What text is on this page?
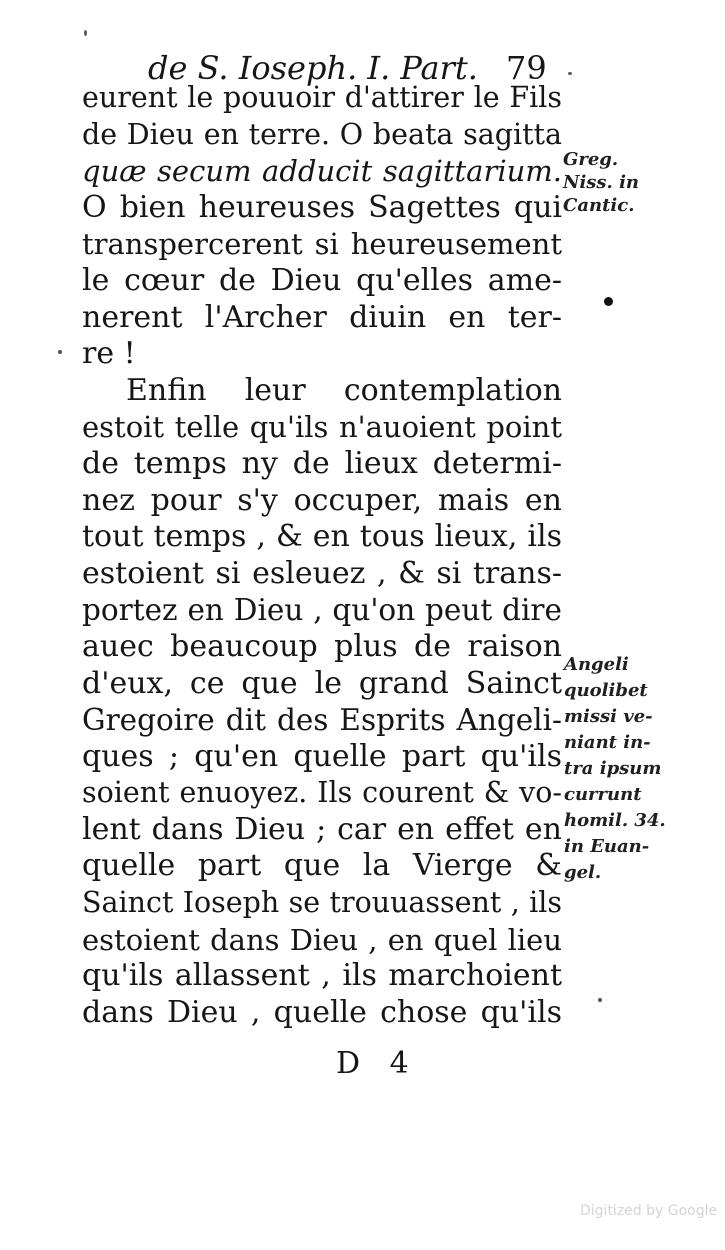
de S. Ioseph. I. Part. 79
eurent le pouuoir d'attirer le Fils
de Dieu en terre. O beata sagitta
quæ secum adducit sagittarium.
O bien heureuses Sagettes qui
transpercerent si heureusement
le cœur de Dieu qu'elles ame-
nerent l'Archer diuin en ter-
re !
Enfin leur contemplation
estoit telle qu'ils n'auoient point
de temps ny de lieux determi-
nez pour s'y occuper, mais en
tout temps , & en tous lieux, ils
estoient si esleuez , & si trans-
portez en Dieu , qu'on peut dire
auec beaucoup plus de raison
d'eux, ce que le grand Sainct
Gregoire dit des Esprits Angeli-
ques ; qu'en quelle part qu'ils
soient enuoyez. Ils courent & vo-
lent dans Dieu ; car en effet en
quelle part que la Vierge &
Sainct Ioseph se trouuassent , ils
estoient dans Dieu , en quel lieu
qu'ils allassent , ils marchoient
dans Dieu , quelle chose qu'ils
Greg.
Niss. in
Cantic.
Angeli
quolibet
missi ve-
niant in-
tra ipsum
currunt
homil. 34.
in Euan-
gel.
D 4
Digitized by Google
